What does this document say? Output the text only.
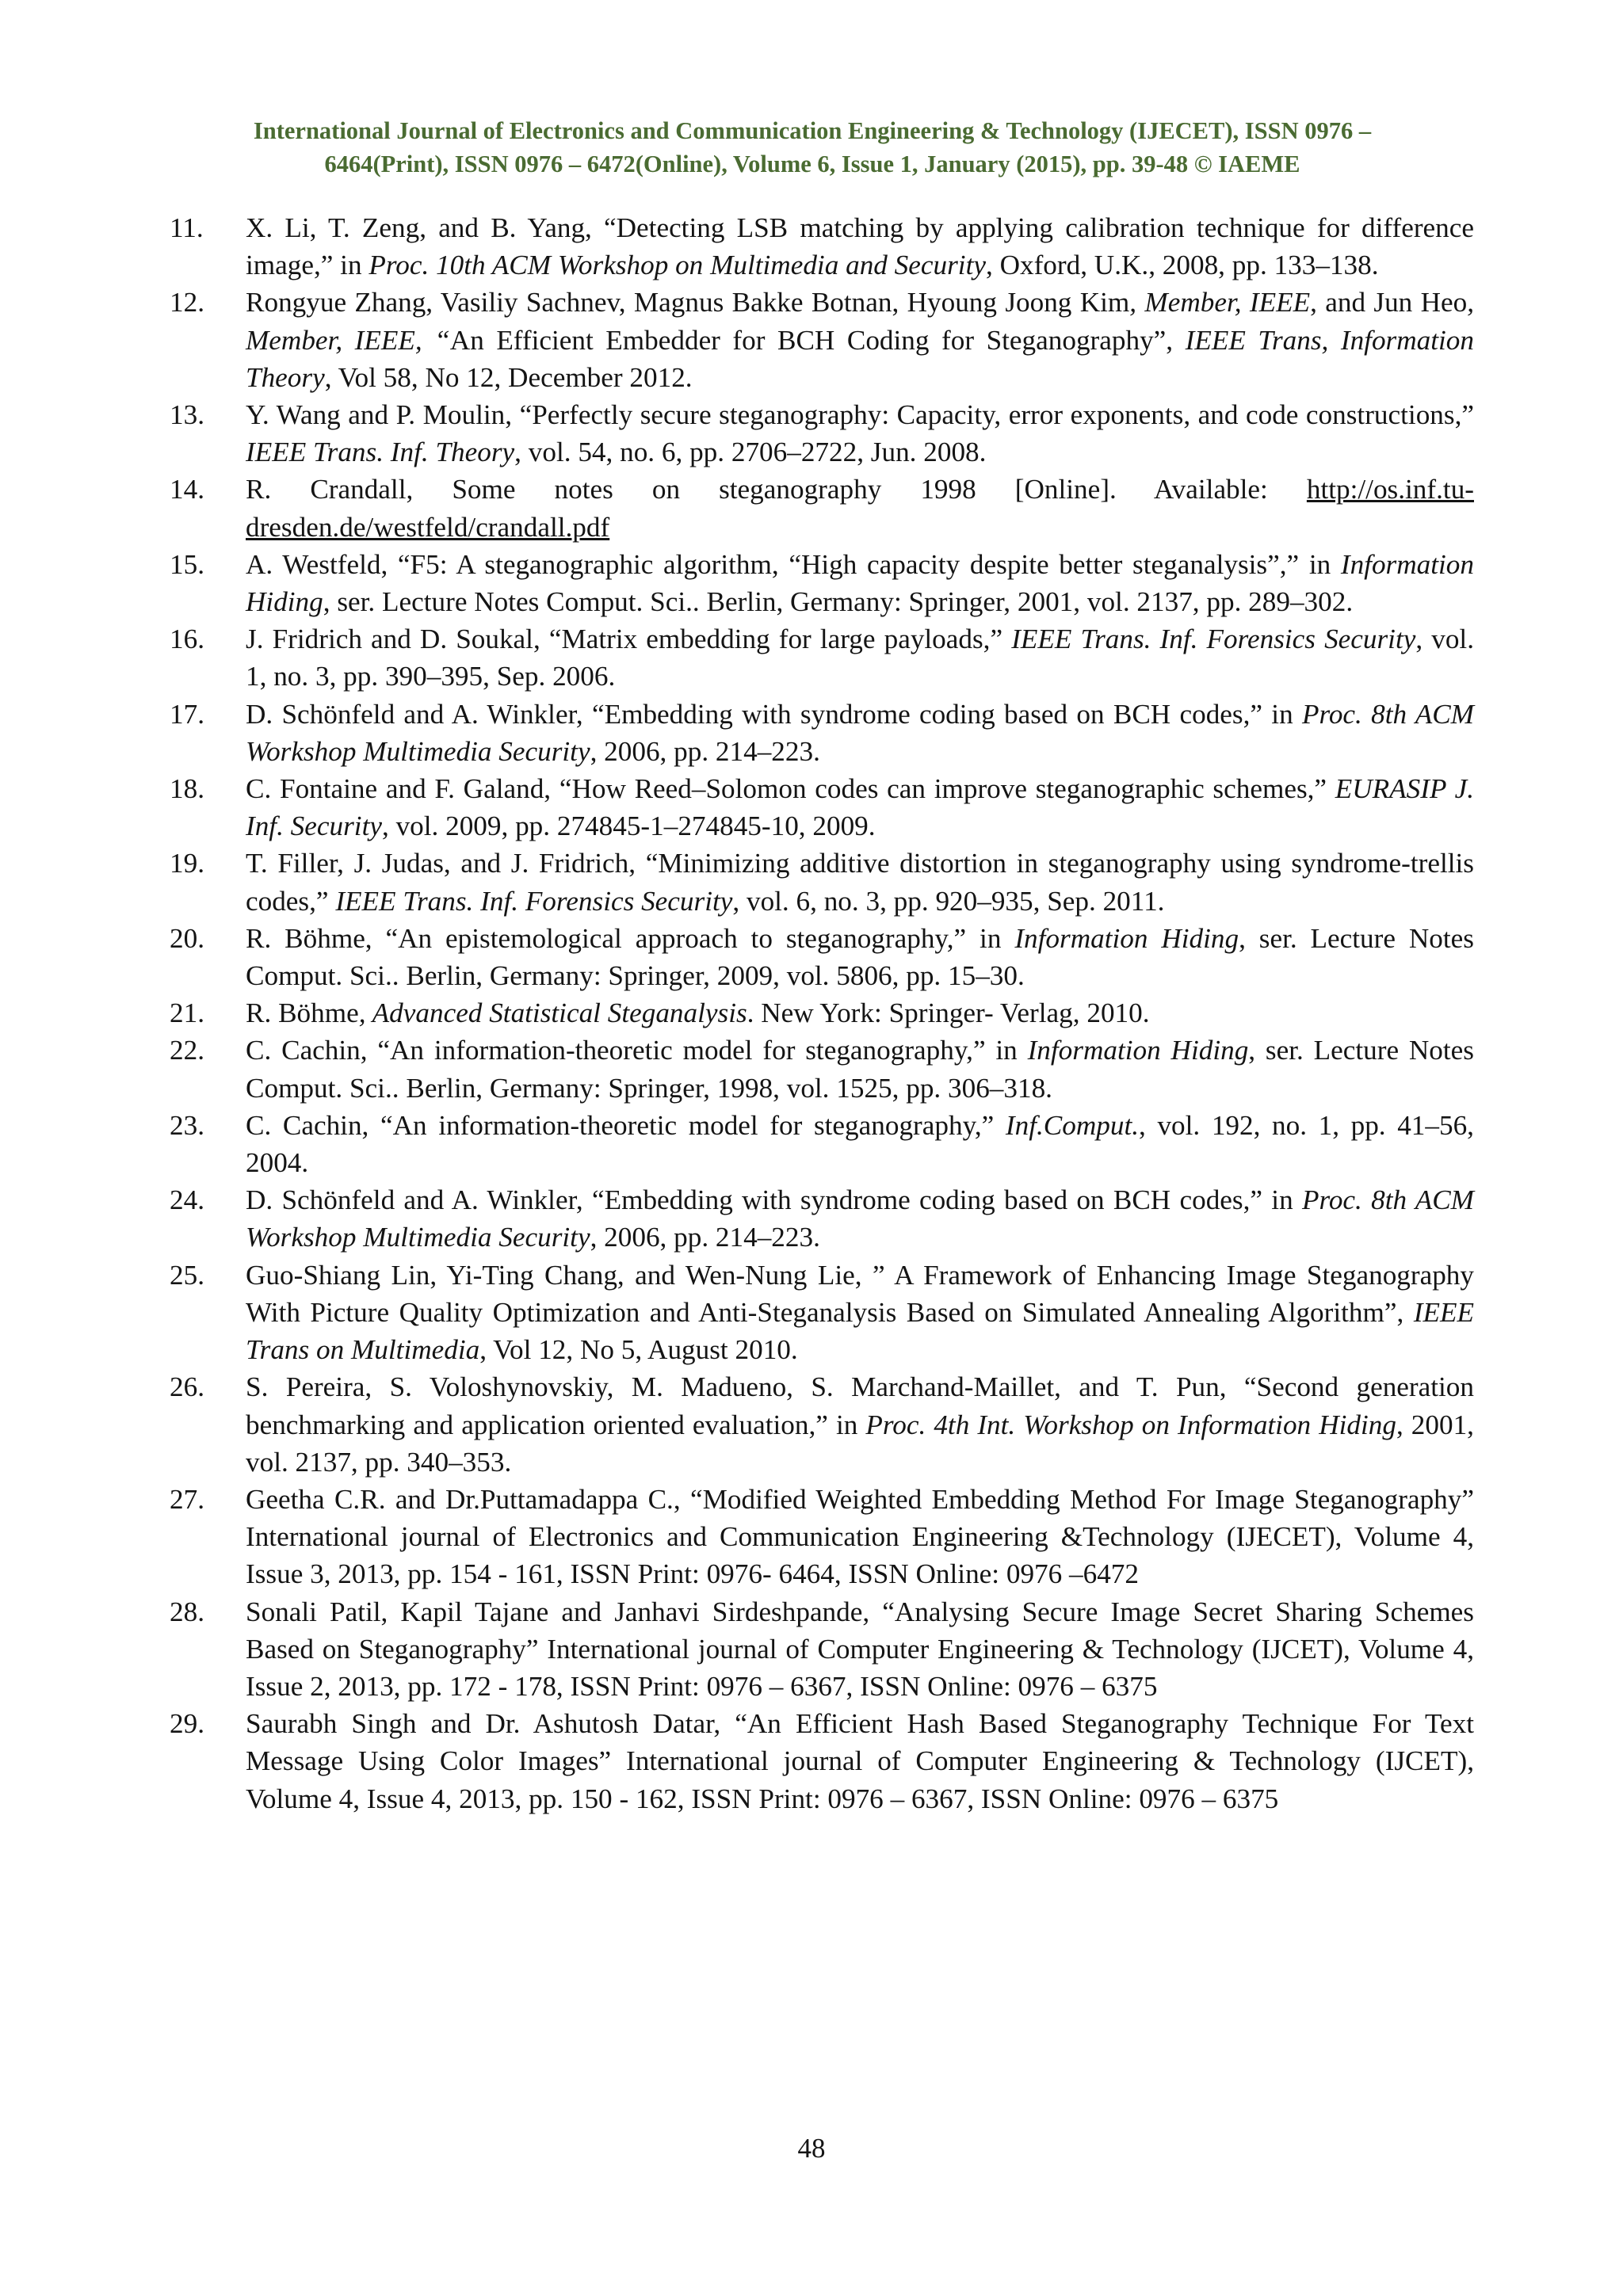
International Journal of Electronics and Communication Engineering & Technology (IJECET), ISSN 0976 –
6464(Print), ISSN 0976 – 6472(Online), Volume 6, Issue 1, January (2015), pp. 39-48 © IAEME
11. X. Li, T. Zeng, and B. Yang, “Detecting LSB matching by applying calibration technique for difference image,” in Proc. 10th ACM Workshop on Multimedia and Security, Oxford, U.K., 2008, pp. 133–138.
12. Rongyue Zhang, Vasiliy Sachnev, Magnus Bakke Botnan, Hyoung Joong Kim, Member, IEEE, and Jun Heo, Member, IEEE, “An Efficient Embedder for BCH Coding for Steganography”, IEEE Trans, Information Theory, Vol 58, No 12, December 2012.
13. Y. Wang and P. Moulin, “Perfectly secure steganography: Capacity, error exponents, and code constructions,” IEEE Trans. Inf. Theory, vol. 54, no. 6, pp. 2706–2722, Jun. 2008.
14. R. Crandall, Some notes on steganography 1998 [Online]. Available: http://os.inf.tu-dresden.de/westfeld/crandall.pdf
15. A. Westfeld, “F5: A steganographic algorithm, “High capacity despite better steganalysis”,” in Information Hiding, ser. Lecture Notes Comput. Sci.. Berlin, Germany: Springer, 2001, vol. 2137, pp. 289–302.
16. J. Fridrich and D. Soukal, “Matrix embedding for large payloads,” IEEE Trans. Inf. Forensics Security, vol. 1, no. 3, pp. 390–395, Sep. 2006.
17. D. Schönfeld and A. Winkler, “Embedding with syndrome coding based on BCH codes,” in Proc. 8th ACM Workshop Multimedia Security, 2006, pp. 214–223.
18. C. Fontaine and F. Galand, “How Reed–Solomon codes can improve steganographic schemes,” EURASIP J. Inf. Security, vol. 2009, pp. 274845-1–274845-10, 2009.
19. T. Filler, J. Judas, and J. Fridrich, “Minimizing additive distortion in steganography using syndrome-trellis codes,” IEEE Trans. Inf. Forensics Security, vol. 6, no. 3, pp. 920–935, Sep. 2011.
20. R. Böhme, “An epistemological approach to steganography,” in Information Hiding, ser. Lecture Notes Comput. Sci.. Berlin, Germany: Springer, 2009, vol. 5806, pp. 15–30.
21. R. Böhme, Advanced Statistical Steganalysis. New York: Springer- Verlag, 2010.
22. C. Cachin, “An information-theoretic model for steganography,” in Information Hiding, ser. Lecture Notes Comput. Sci.. Berlin, Germany: Springer, 1998, vol. 1525, pp. 306–318.
23. C. Cachin, “An information-theoretic model for steganography,” Inf.Comput., vol. 192, no. 1, pp. 41–56, 2004.
24. D. Schönfeld and A. Winkler, “Embedding with syndrome coding based on BCH codes,” in Proc. 8th ACM Workshop Multimedia Security, 2006, pp. 214–223.
25. Guo-Shiang Lin, Yi-Ting Chang, and Wen-Nung Lie, ” A Framework of Enhancing Image Steganography With Picture Quality Optimization and Anti-Steganalysis Based on Simulated Annealing Algorithm”, IEEE Trans on Multimedia, Vol 12, No 5, August 2010.
26. S. Pereira, S. Voloshynovskiy, M. Madueno, S. Marchand-Maillet, and T. Pun, “Second generation benchmarking and application oriented evaluation,” in Proc. 4th Int. Workshop on Information Hiding, 2001, vol. 2137, pp. 340–353.
27. Geetha C.R. and Dr.Puttamadappa C., “Modified Weighted Embedding Method For Image Steganography” International journal of Electronics and Communication Engineering &Technology (IJECET), Volume 4, Issue 3, 2013, pp. 154 - 161, ISSN Print: 0976- 6464, ISSN Online: 0976 –6472
28. Sonali Patil, Kapil Tajane and Janhavi Sirdeshpande, “Analysing Secure Image Secret Sharing Schemes Based on Steganography” International journal of Computer Engineering & Technology (IJCET), Volume 4, Issue 2, 2013, pp. 172 - 178, ISSN Print: 0976 – 6367, ISSN Online: 0976 – 6375
29. Saurabh Singh and Dr. Ashutosh Datar, “An Efficient Hash Based Steganography Technique For Text Message Using Color Images” International journal of Computer Engineering & Technology (IJCET), Volume 4, Issue 4, 2013, pp. 150 - 162, ISSN Print: 0976 – 6367, ISSN Online: 0976 – 6375
48
